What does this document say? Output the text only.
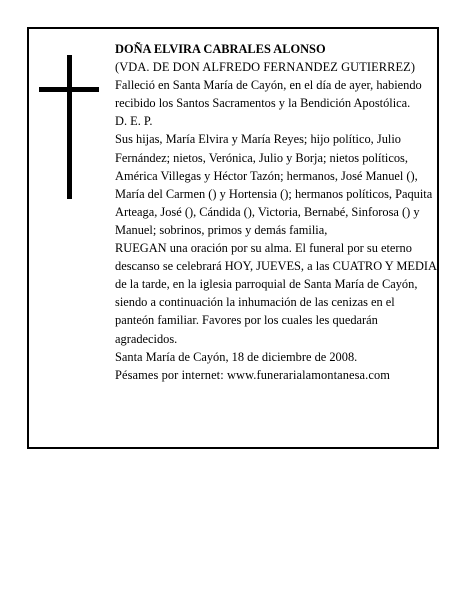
DOÑA ELVIRA CABRALES ALONSO

(VDA. DE DON ALFREDO FERNANDEZ GUTIERREZ)

Falleció en Santa María de Cayón, en el día de ayer, habiendo recibido los Santos Sacramentos y la Bendición Apostólica.

D. E. P.

Sus hijas, María Elvira y María Reyes; hijo político, Julio Fernández; nietos, Verónica, Julio y Borja; nietos políticos, América Villegas y Héctor Tazón; hermanos, José Manuel (), María del Carmen () y Hortensia (); hermanos políticos, Paquita Arteaga, José (), Cándida (), Victoria, Bernabé, Sinforosa () y Manuel; sobrinos, primos y demás familia,

RUEGAN una oración por su alma. El funeral por su eterno descanso se celebrará HOY, JUEVES, a las CUATRO Y MEDIA de la tarde, en la iglesia parroquial de Santa María de Cayón, siendo a continuación la inhumación de las cenizas en el panteón familiar. Favores por los cuales les quedarán agradecidos.

Santa María de Cayón, 18 de diciembre de 2008.

Pésames por internet: www.funerarialamontanesa.com
